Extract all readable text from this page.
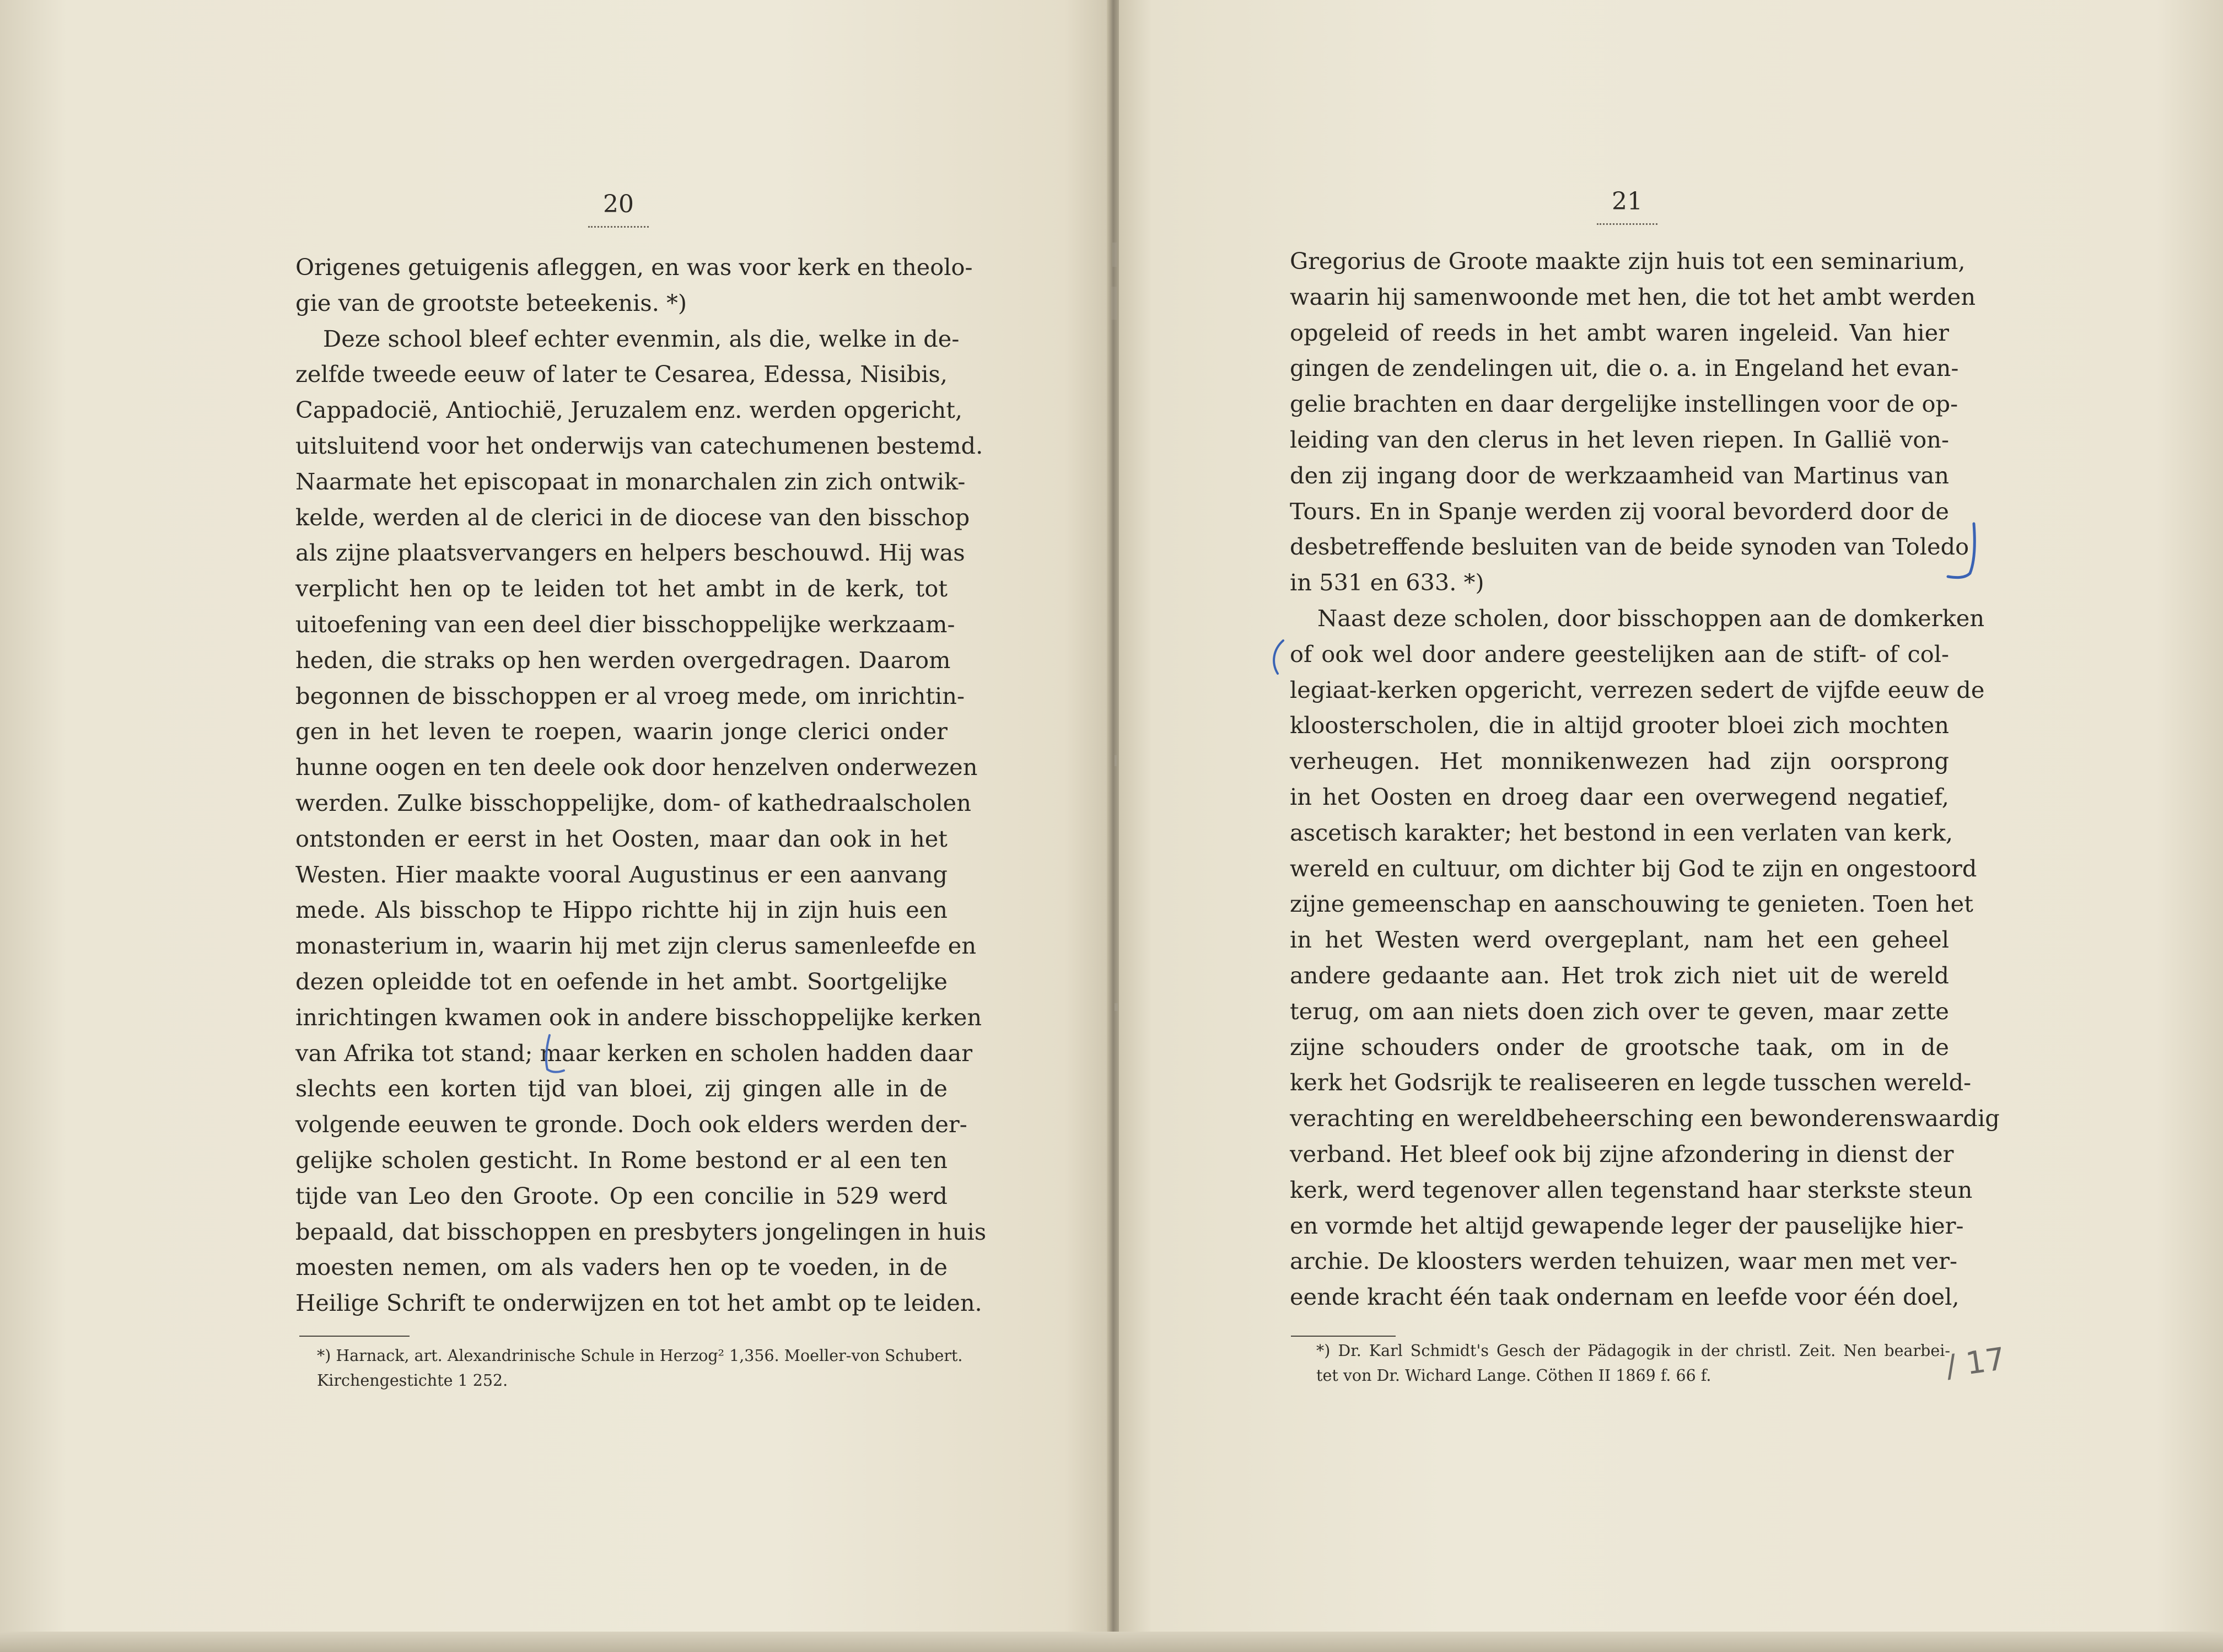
20
Origenes getuigenis afleggen, en was voor kerk en theolo-
gie van de grootste beteekenis. *)
Deze school bleef echter evenmin, als die, welke in de-
zelfde tweede eeuw of later te Cesarea, Edessa, Nisibis,
Cappadocië, Antiochië, Jeruzalem enz. werden opgericht,
uitsluitend voor het onderwijs van catechumenen bestemd.
Naarmate het episcopaat in monarchalen zin zich ontwik-
kelde, werden al de clerici in de diocese van den bisschop
als zijne plaatsvervangers en helpers beschouwd. Hij was
verplicht hen op te leiden tot het ambt in de kerk, tot
uitoefening van een deel dier bisschoppelijke werkzaam-
heden, die straks op hen werden overgedragen. Daarom
begonnen de bisschoppen er al vroeg mede, om inrichtin-
gen in het leven te roepen, waarin jonge clerici onder
hunne oogen en ten deele ook door henzelven onderwezen
werden. Zulke bisschoppelijke, dom- of kathedraalscholen
ontstonden er eerst in het Oosten, maar dan ook in het
Westen. Hier maakte vooral Augustinus er een aanvang
mede. Als bisschop te Hippo richtte hij in zijn huis een
monasterium in, waarin hij met zijn clerus samenleefde en
dezen opleidde tot en oefende in het ambt. Soortgelijke
inrichtingen kwamen ook in andere bisschoppelijke kerken
van Afrika tot stand; maar kerken en scholen hadden daar
slechts een korten tijd van bloei, zij gingen alle in de
volgende eeuwen te gronde. Doch ook elders werden der-
gelijke scholen gesticht. In Rome bestond er al een ten
tijde van Leo den Groote. Op een concilie in 529 werd
bepaald, dat bisschoppen en presbyters jongelingen in huis
moesten nemen, om als vaders hen op te voeden, in de
Heilige Schrift te onderwijzen en tot het ambt op te leiden.
*) Harnack, art. Alexandrinische Schule in Herzog² 1,356. Moeller-von Schubert.
Kirchengestichte 1 252.
21
Gregorius de Groote maakte zijn huis tot een seminarium,
waarin hij samenwoonde met hen, die tot het ambt werden
opgeleid of reeds in het ambt waren ingeleid. Van hier
gingen de zendelingen uit, die o. a. in Engeland het evan-
gelie brachten en daar dergelijke instellingen voor de op-
leiding van den clerus in het leven riepen. In Gallië von-
den zij ingang door de werkzaamheid van Martinus van
Tours. En in Spanje werden zij vooral bevorderd door de
desbetreffende besluiten van de beide synoden van Toledo
in 531 en 633. *)
Naast deze scholen, door bisschoppen aan de domkerken
of ook wel door andere geestelijken aan de stift- of col-
legiaat-kerken opgericht, verrezen sedert de vijfde eeuw de
kloosterscholen, die in altijd grooter bloei zich mochten
verheugen. Het monnikenwezen had zijn oorsprong
in het Oosten en droeg daar een overwegend negatief,
ascetisch karakter; het bestond in een verlaten van kerk,
wereld en cultuur, om dichter bij God te zijn en ongestoord
zijne gemeenschap en aanschouwing te genieten. Toen het
in het Westen werd overgeplant, nam het een geheel
andere gedaante aan. Het trok zich niet uit de wereld
terug, om aan niets doen zich over te geven, maar zette
zijne schouders onder de grootsche taak, om in de
kerk het Godsrijk te realiseeren en legde tusschen wereld-
verachting en wereldbeheersching een bewonderenswaardig
verband. Het bleef ook bij zijne afzondering in dienst der
kerk, werd tegenover allen tegenstand haar sterkste steun
en vormde het altijd gewapende leger der pauselijke hier-
archie. De kloosters werden tehuizen, waar men met ver-
eende kracht één taak ondernam en leefde voor één doel,
*) Dr. Karl Schmidt's Gesch der Pädagogik in der christl. Zeit. Nen bearbei-
tet von Dr. Wichard Lange. Cöthen II 1869 f. 66 f.	/ 17
